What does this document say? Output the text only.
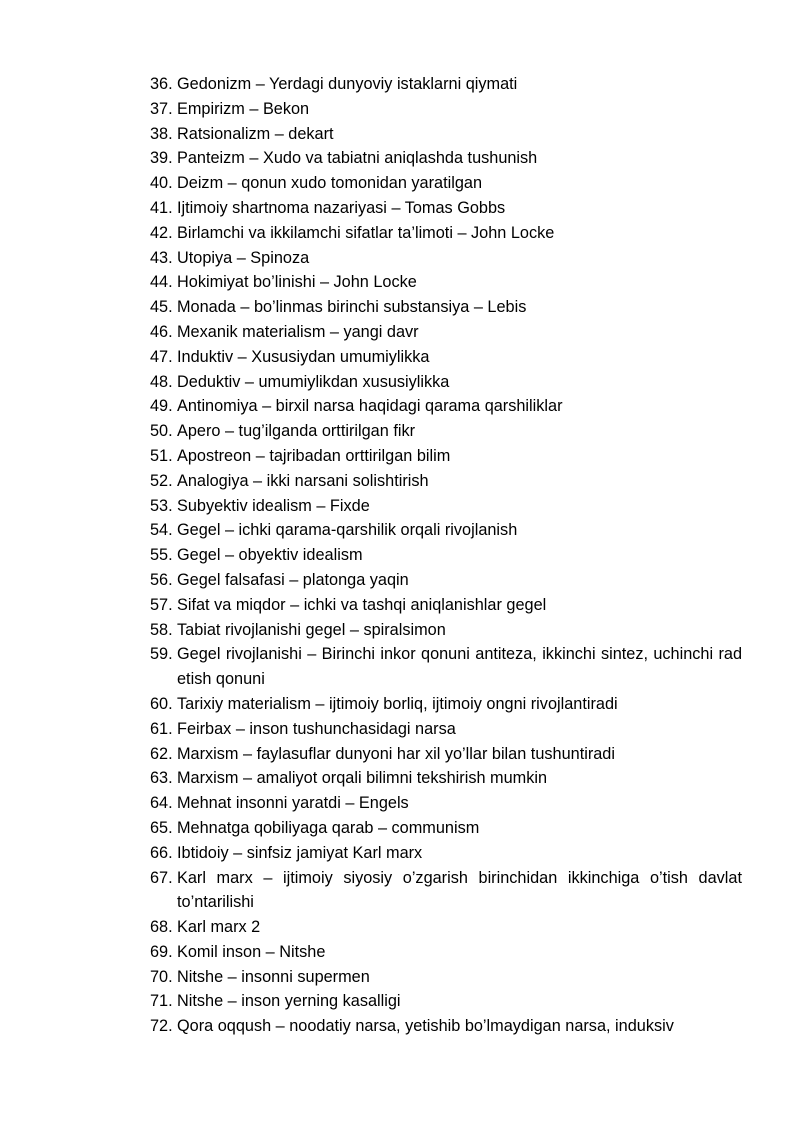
36. Gedonizm – Yerdagi dunyoviy istaklarni qiymati
37. Empirizm – Bekon
38. Ratsionalizm – dekart
39. Panteizm – Xudo va tabiatni aniqlashda tushunish
40. Deizm – qonun xudo tomonidan yaratilgan
41. Ijtimoiy shartnoma nazariyasi – Tomas Gobbs
42. Birlamchi va ikkilamchi sifatlar ta’limoti – John Locke
43. Utopiya – Spinoza
44. Hokimiyat bo’linishi – John Locke
45. Monada – bo’linmas birinchi substansiya – Lebis
46. Mexanik materialism – yangi davr
47. Induktiv – Xususiydan umumiylikka
48. Deduktiv – umumiylikdan xususiylikka
49. Antinomiya – birxil narsa haqidagi qarama qarshiliklar
50. Apero – tug’ilganda orttirilgan fikr
51. Apostreon – tajribadan orttirilgan bilim
52. Analogiya – ikki narsani solishtirish
53. Subyektiv idealism – Fixde
54. Gegel – ichki qarama-qarshilik orqali rivojlanish
55. Gegel – obyektiv idealism
56. Gegel falsafasi – platonga yaqin
57. Sifat va miqdor – ichki va tashqi aniqlanishlar gegel
58. Tabiat rivojlanishi gegel – spiralsimon
59. Gegel rivojlanishi – Birinchi inkor qonuni antiteza, ikkinchi sintez, uchinchi rad etish qonuni
60. Tarixiy materialism – ijtimoiy borliq, ijtimoiy ongni rivojlantiradi
61. Feirbax – inson tushunchasidagi narsa
62. Marxism – faylasuflar dunyoni har xil yo’llar bilan tushuntiradi
63. Marxism – amaliyot orqali bilimni tekshirish mumkin
64. Mehnat insonni yaratdi – Engels
65. Mehnatga qobiliyaga qarab – communism
66. Ibtidoiy – sinfsiz jamiyat Karl marx
67. Karl marx – ijtimoiy siyosiy o’zgarish birinchidan ikkinchiga o’tish davlat to’ntarilishi
68. Karl marx 2
69. Komil inson – Nitshe
70. Nitshe – insonni supermen
71. Nitshe – inson yerning kasalligi
72. Qora oqqush – noodatiy narsa, yetishib bo’lmaydigan narsa, induksiv
